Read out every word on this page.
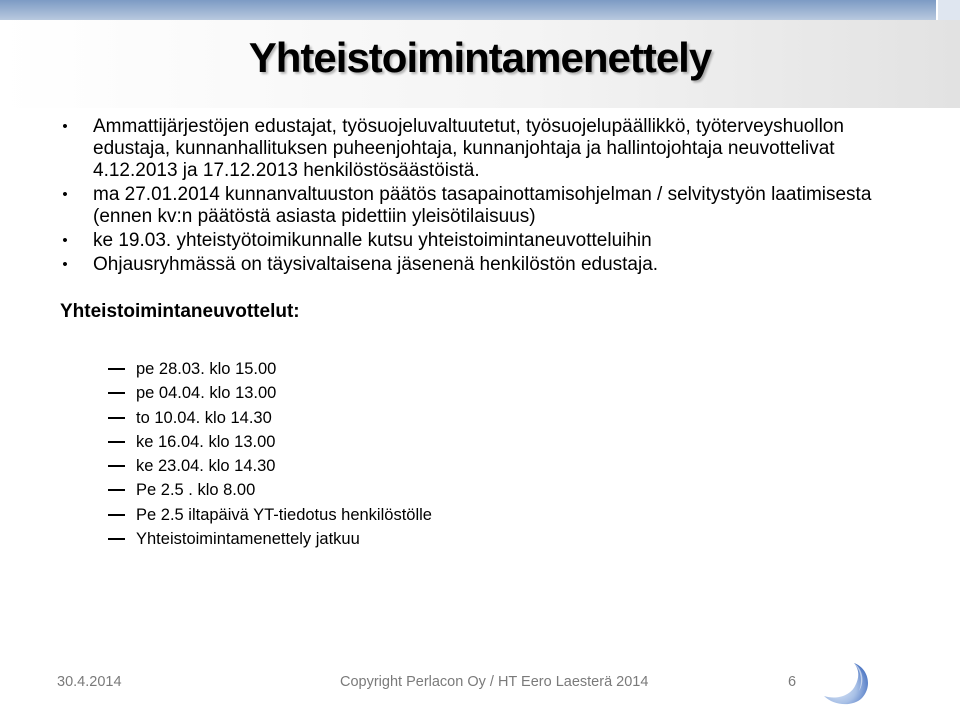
Yhteistoimintamenettely
• Ammattijärjestöjen edustajat, työsuojeluvaltuutetut, työsuojelupäällikkö, työterveyshuollon edustaja, kunnanhallituksen puheenjohtaja, kunnanjohtaja ja hallintojohtaja neuvottelivat 4.12.2013 ja 17.12.2013 henkilöstösäästöistä.
• ma 27.01.2014 kunnanvaltuuston päätös tasapainottamisohjelman / selvitystyön laatimisesta (ennen kv:n päätöstä asiasta pidettiin yleisötilaisuus)
• ke 19.03. yhteistyötoimikunnalle kutsu yhteistoimintaneuvotteluihin
• Ohjausryhmässä on täysivaltaisena jäsenenä henkilöstön edustaja.
Yhteistoimintaneuvottelut:
pe 28.03. klo 15.00
pe 04.04. klo 13.00
to 10.04. klo 14.30
ke 16.04. klo 13.00
ke 23.04. klo 14.30
Pe 2.5 . klo 8.00
Pe 2.5 iltapäivä YT-tiedotus henkilöstölle
Yhteistoimintamenettely jatkuu
30.4.2014	Copyright Perlacon Oy / HT Eero Laesterä 2014	6
